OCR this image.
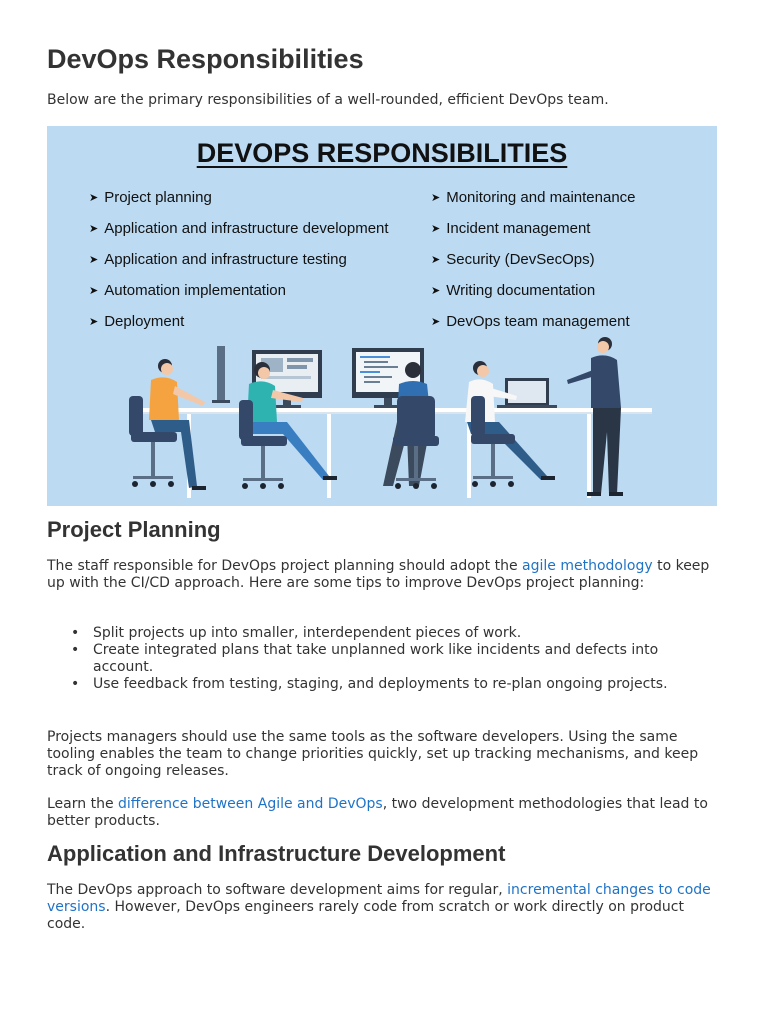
DevOps Responsibilities
Below are the primary responsibilities of a well-rounded, efficient DevOps team.
DEVOPS RESPONSIBILITIES
➤ Project planning
➤ Application and infrastructure development
➤ Application and infrastructure testing
➤ Automation implementation
➤ Deployment
➤ Monitoring and maintenance
➤ Incident management
➤ Security (DevSecOps)
➤ Writing documentation
➤ DevOps team management
Project Planning

The staff responsible for DevOps project planning should adopt the agile methodology to keep up with the CI/CD approach. Here are some tips to improve DevOps project planning:

• Split projects up into smaller, interdependent pieces of work.
• Create integrated plans that take unplanned work like incidents and defects into account.
• Use feedback from testing, staging, and deployments to re-plan ongoing projects.

Projects managers should use the same tools as the software developers. Using the same tooling enables the team to change priorities quickly, set up tracking mechanisms, and keep track of ongoing releases.

Learn the difference between Agile and DevOps, two development methodologies that lead to better products.

Application and Infrastructure Development

The DevOps approach to software development aims for regular, incremental changes to code versions. However, DevOps engineers rarely code from scratch or work directly on product code.
